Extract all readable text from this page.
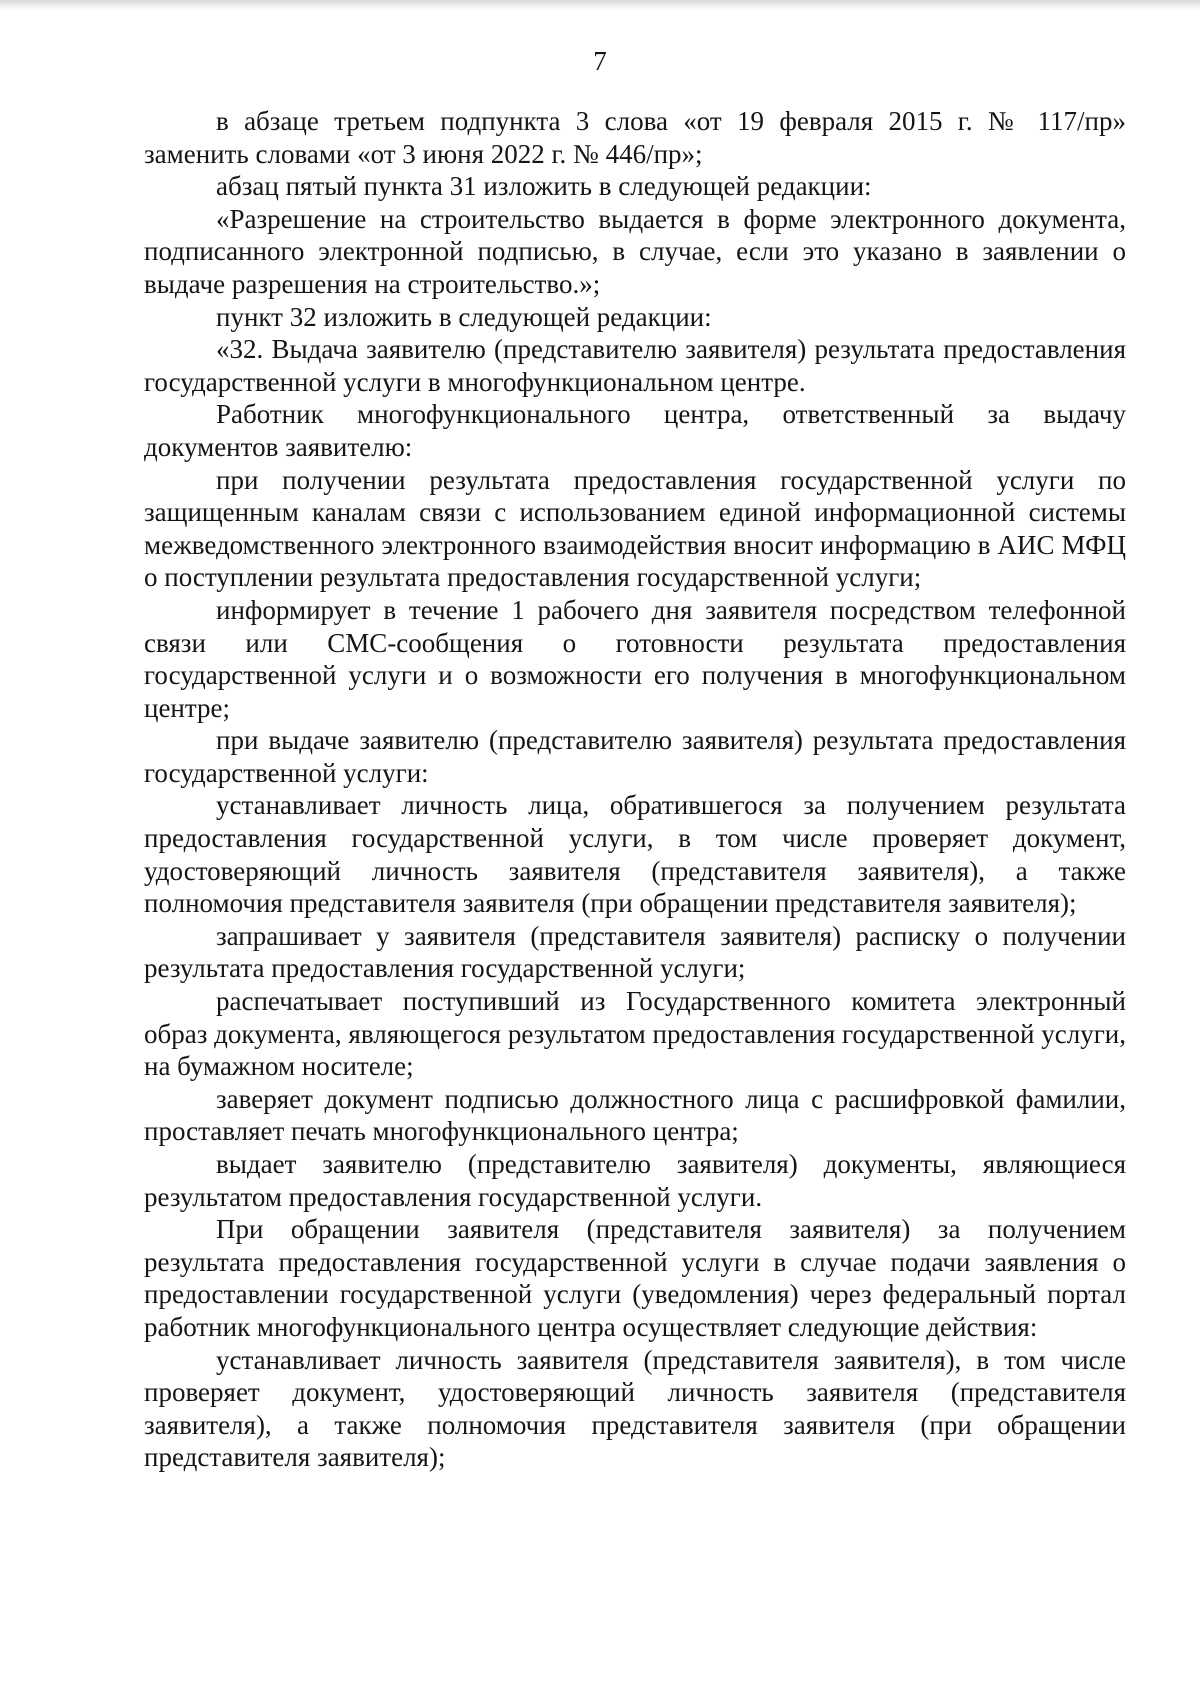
7

в абзаце третьем подпункта 3 слова «от 19 февраля 2015 г. № 117/пр» заменить словами «от 3 июня 2022 г. № 446/пр»;

абзац пятый пункта 31 изложить в следующей редакции:

«Разрешение на строительство выдается в форме электронного документа, подписанного электронной подписью, в случае, если это указано в заявлении о выдаче разрешения на строительство.»;

пункт 32 изложить в следующей редакции:

«32. Выдача заявителю (представителю заявителя) результата предоставления государственной услуги в многофункциональном центре.

Работник многофункционального центра, ответственный за выдачу документов заявителю:

при получении результата предоставления государственной услуги по защищенным каналам связи с использованием единой информационной системы межведомственного электронного взаимодействия вносит информацию в АИС МФЦ о поступлении результата предоставления государственной услуги;

информирует в течение 1 рабочего дня заявителя посредством телефонной связи или СМС-сообщения о готовности результата предоставления государственной услуги и о возможности его получения в многофункциональном центре;

при выдаче заявителю (представителю заявителя) результата предоставления государственной услуги:

устанавливает личность лица, обратившегося за получением результата предоставления государственной услуги, в том числе проверяет документ, удостоверяющий личность заявителя (представителя заявителя), а также полномочия представителя заявителя (при обращении представителя заявителя);

запрашивает у заявителя (представителя заявителя) расписку о получении результата предоставления государственной услуги;

распечатывает поступивший из Государственного комитета электронный образ документа, являющегося результатом предоставления государственной услуги, на бумажном носителе;

заверяет документ подписью должностного лица с расшифровкой фамилии, проставляет печать многофункционального центра;

выдает заявителю (представителю заявителя) документы, являющиеся результатом предоставления государственной услуги.

При обращении заявителя (представителя заявителя) за получением результата предоставления государственной услуги в случае подачи заявления о предоставлении государственной услуги (уведомления) через федеральный портал работник многофункционального центра осуществляет следующие действия:

устанавливает личность заявителя (представителя заявителя), в том числе проверяет документ, удостоверяющий личность заявителя (представителя заявителя), а также полномочия представителя заявителя (при обращении представителя заявителя);
